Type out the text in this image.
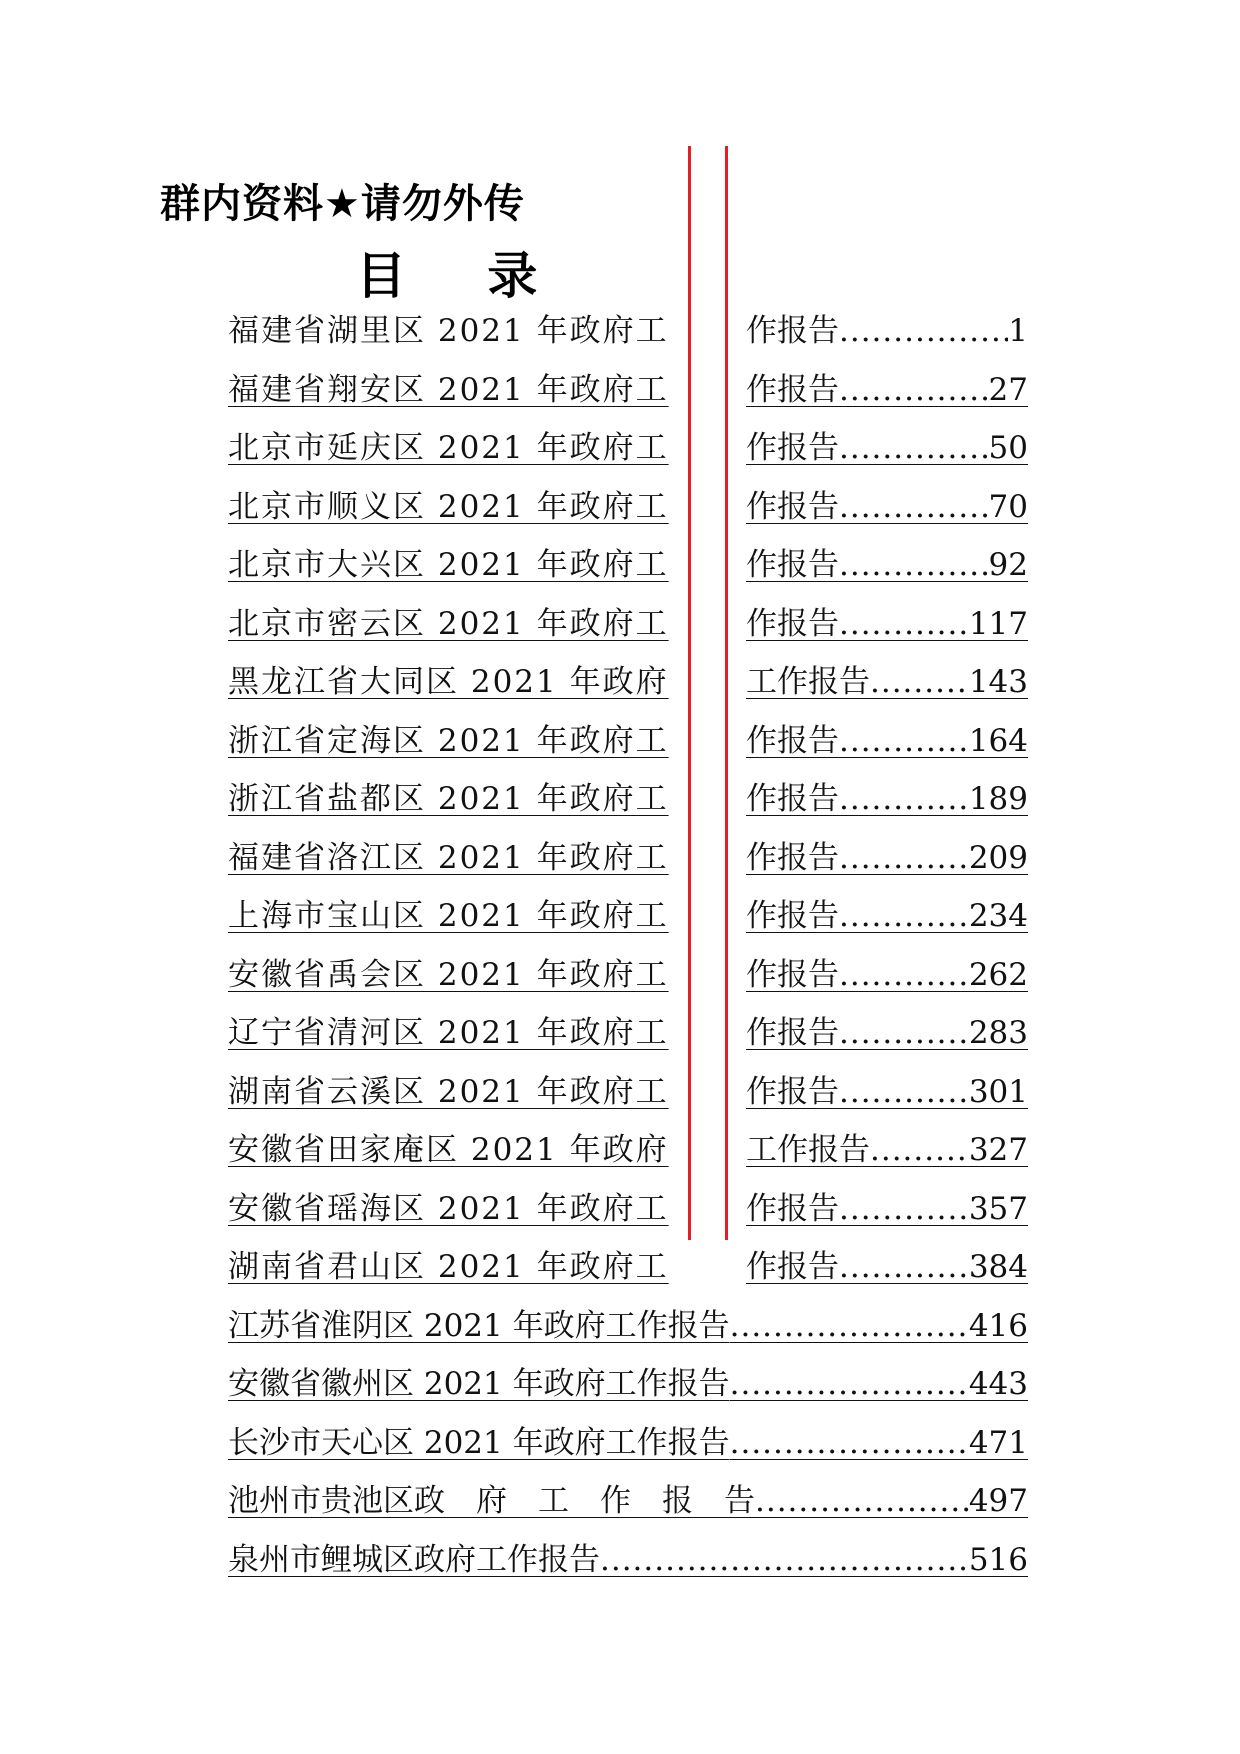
群内资料★请勿外传
目 录
福建省湖里区 2021 年政府工 作报告 .....	1
福建省翔安区 2021 年政府工 作报告 .....	27
北京市延庆区 2021 年政府工 作报告 .....	50
北京市顺义区 2021 年政府工 作报告 .....	70
北京市大兴区 2021 年政府工 作报告 .....	92
北京市密云区 2021 年政府工 作报告 .....	117
黑龙江省大同区 2021 年政府 工作报告 .....	143
浙江省定海区 2021 年政府工 作报告 .....	164
浙江省盐都区 2021 年政府工 作报告 .....	189
福建省洛江区 2021 年政府工 作报告 .....	209
上海市宝山区 2021 年政府工 作报告 .....	234
安徽省禹会区 2021 年政府工 作报告 .....	262
辽宁省清河区 2021 年政府工 作报告 .....	283
湖南省云溪区 2021 年政府工 作报告 .....	301
安徽省田家庵区 2021 年政府 工作报告 .....	327
安徽省瑶海区 2021 年政府工 作报告 .....	357
湖南省君山区 2021 年政府工 作报告 .....	384
江苏省淮阴区 2021 年政府工作报告 .....	416
安徽省徽州区 2021 年政府工作报告 .....	443
长沙市天心区 2021 年政府工作报告 .....	471
池州市贵池区政　府　工　作　报　告 .....	497
泉州市鲤城区政府工作报告 .....	516
